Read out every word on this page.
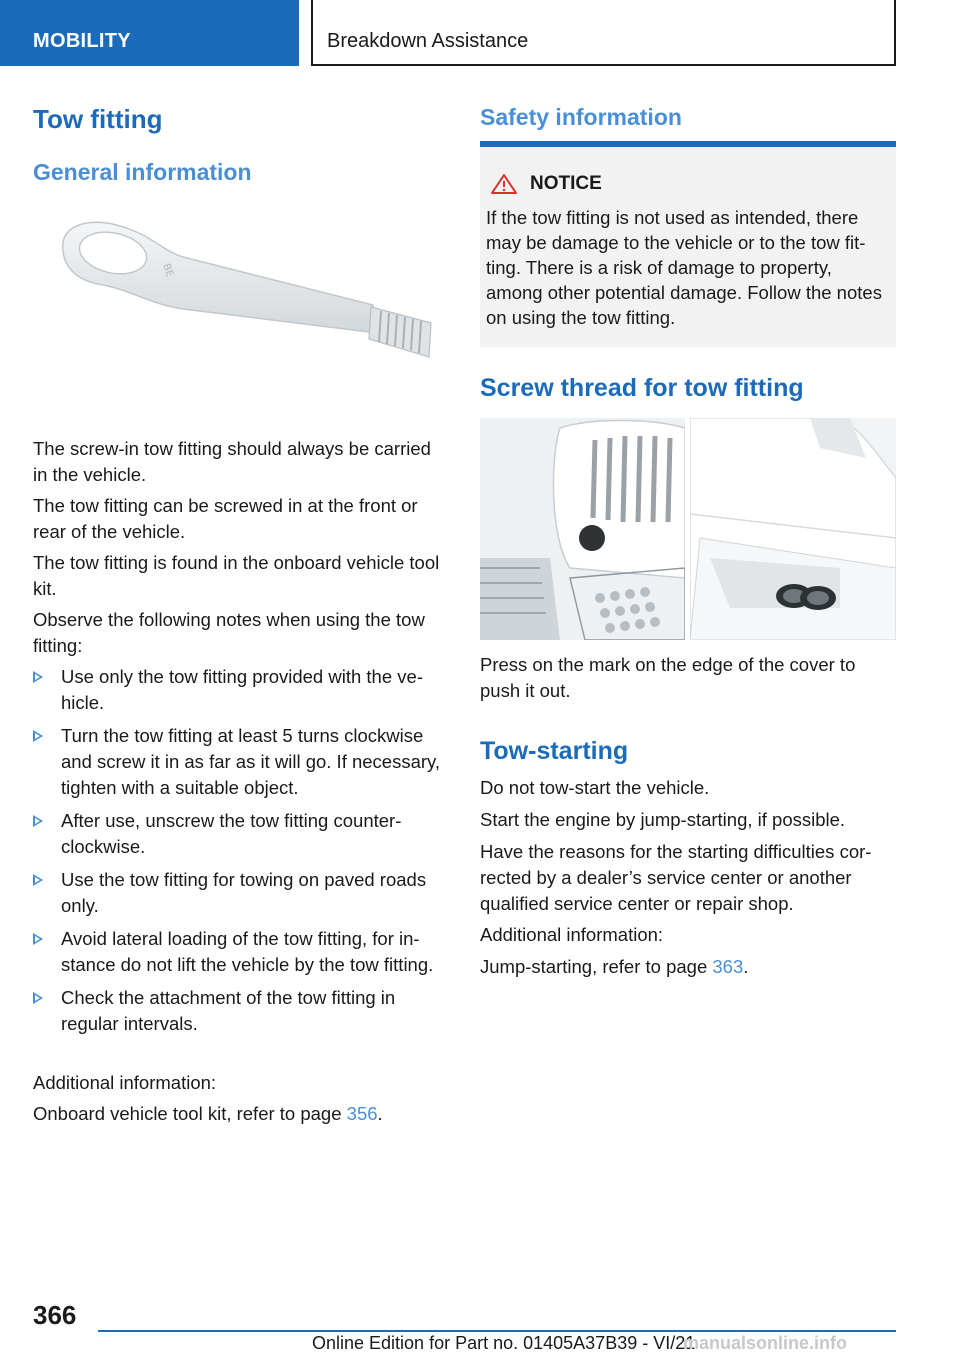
MOBILITY	Breakdown Assistance
Tow fitting
General information
BE
The screw-in tow fitting should always be carried in the vehicle.
The tow fitting can be screwed in at the front or rear of the vehicle.
The tow fitting is found in the onboard vehicle tool kit.
Observe the following notes when using the tow fitting:
Use only the tow fitting provided with the vehicle.
Turn the tow fitting at least 5 turns clockwise and screw it in as far as it will go. If necessary, tighten with a suitable object.
After use, unscrew the tow fitting counterclockwise.
Use the tow fitting for towing on paved roads only.
Avoid lateral loading of the tow fitting, for instance do not lift the vehicle by the tow fitting.
Check the attachment of the tow fitting in regular intervals.
Additional information:
Onboard vehicle tool kit, refer to page 356.
Safety information
NOTICE
If the tow fitting is not used as intended, there may be damage to the vehicle or to the tow fitting. There is a risk of damage to property, among other potential damage. Follow the notes on using the tow fitting.
Screw thread for tow fitting
Press on the mark on the edge of the cover to push it out.
Tow-starting
Do not tow-start the vehicle.
Start the engine by jump-starting, if possible.
Have the reasons for the starting difficulties corrected by a dealer’s service center or another qualified service center or repair shop.
Additional information:
Jump-starting, refer to page 363.
366
Online Edition for Part no. 01405A37B39 - VI/21
manualsonline.info
